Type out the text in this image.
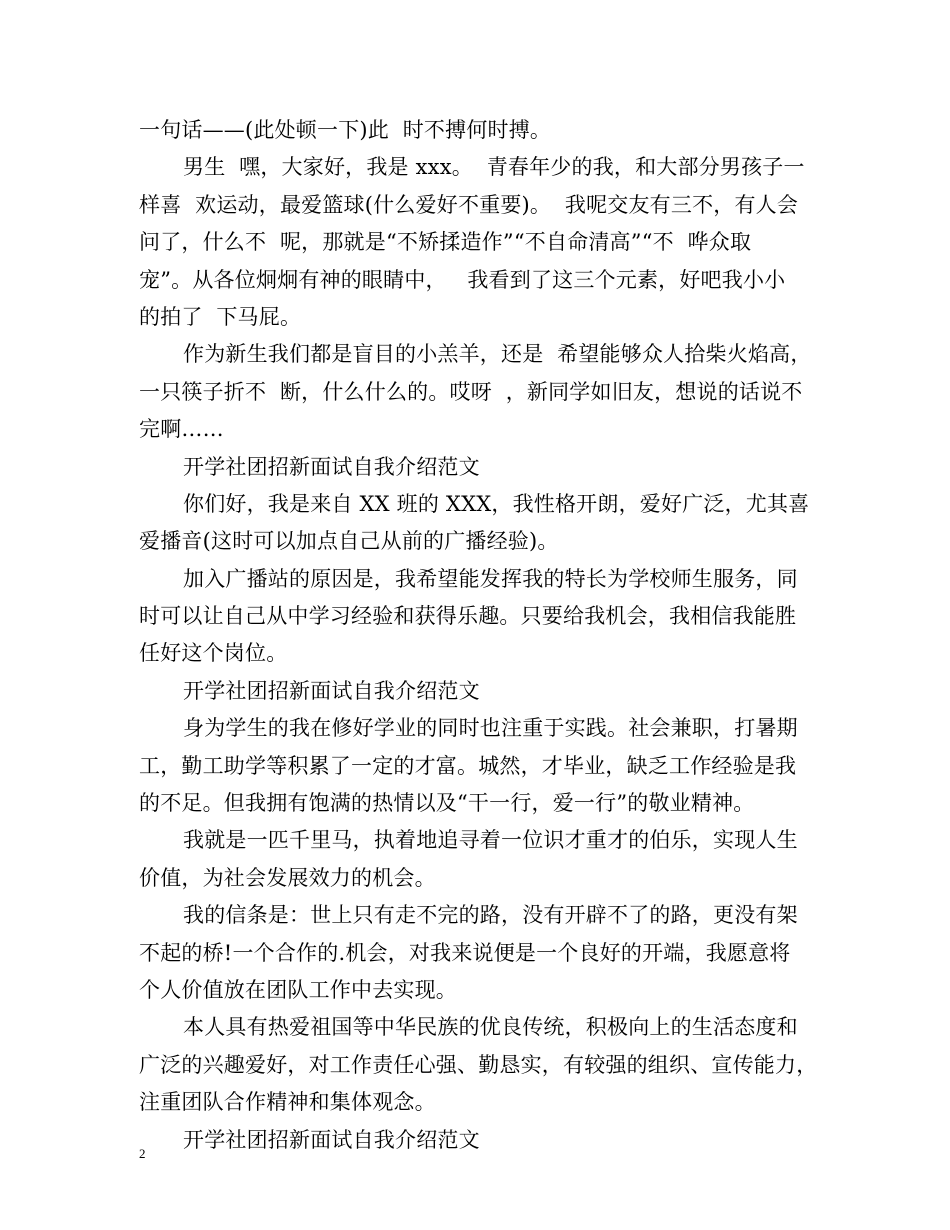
一句话——(此处顿一下)此  时不搏何时搏。
男生  嘿，大家好，我是 xxx。  青春年少的我，和大部分男孩子一
样喜  欢运动，最爱篮球(什么爱好不重要)。  我呢交友有三不，有人会
问了，什么不  呢，那就是“不矫揉造作”“不自命清高”“不  哗众取
宠”。从各位炯炯有神的眼睛中，   我看到了这三个元素，好吧我小小
的拍了  下马屁。
作为新生我们都是盲目的小羔羊，还是  希望能够众人拾柴火焰高，
一只筷子折不  断，什么什么的。哎呀  ，新同学如旧友，想说的话说不
完啊……
开学社团招新面试自我介绍范文
你们好，我是来自 XX 班的 XXX，我性格开朗，爱好广泛，尤其喜
爱播音(这时可以加点自己从前的广播经验)。
加入广播站的原因是，我希望能发挥我的特长为学校师生服务，同
时可以让自己从中学习经验和获得乐趣。只要给我机会，我相信我能胜
任好这个岗位。
开学社团招新面试自我介绍范文
身为学生的我在修好学业的同时也注重于实践。社会兼职，打暑期
工，勤工助学等积累了一定的才富。城然，才毕业，缺乏工作经验是我
的不足。但我拥有饱满的热情以及“干一行，爱一行”的敬业精神。
我就是一匹千里马，执着地追寻着一位识才重才的伯乐，实现人生
价值，为社会发展效力的机会。
我的信条是：世上只有走不完的路，没有开辟不了的路，更没有架
不起的桥!一个合作的.机会，对我来说便是一个良好的开端，我愿意将
个人价值放在团队工作中去实现。
本人具有热爱祖国等中华民族的优良传统，积极向上的生活态度和
广泛的兴趣爱好，对工作责任心强、勤恳实，有较强的组织、宣传能力，
注重团队合作精神和集体观念。
开学社团招新面试自我介绍范文
2
